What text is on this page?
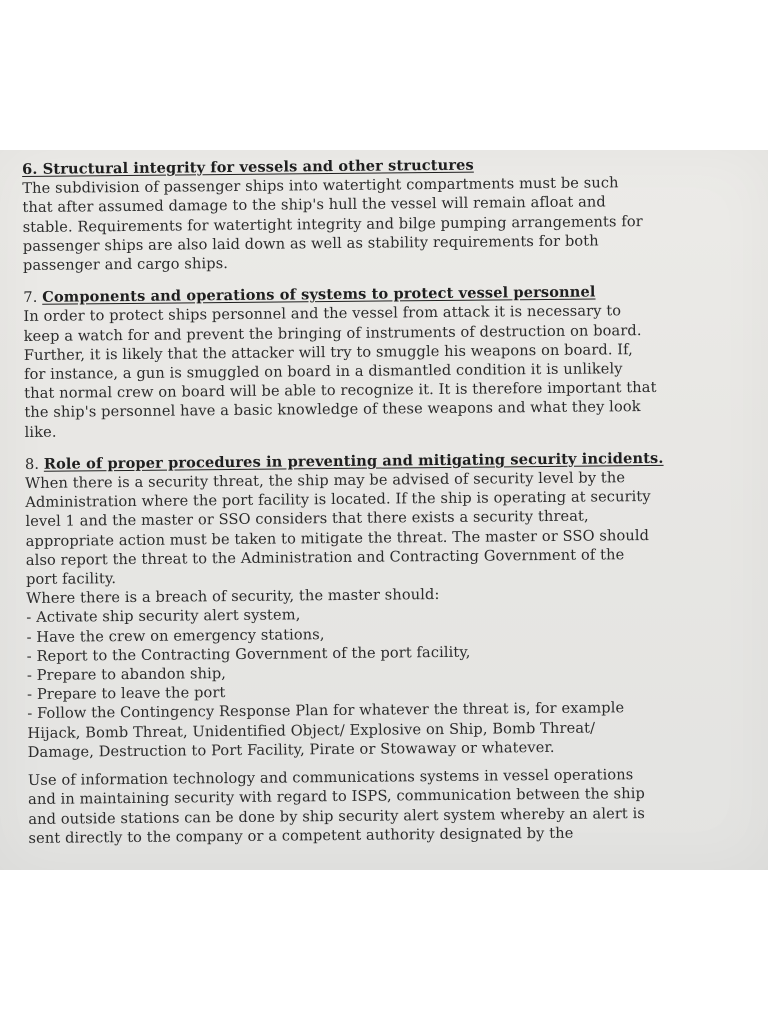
6. Structural integrity for vessels and other structures

The subdivision of passenger ships into watertight compartments must be such
that after assumed damage to the ship's hull the vessel will remain afloat and
stable. Requirements for watertight integrity and bilge pumping arrangements for
passenger ships are also laid down as well as stability requirements for both
passenger and cargo ships.

7. Components and operations of systems to protect vessel personnel

In order to protect ships personnel and the vessel from attack it is necessary to
keep a watch for and prevent the bringing of instruments of destruction on board.
Further, it is likely that the attacker will try to smuggle his weapons on board. If,
for instance, a gun is smuggled on board in a dismantled condition it is unlikely
that normal crew on board will be able to recognize it. It is therefore important that
the ship's personnel have a basic knowledge of these weapons and what they look
like.

8. Role of proper procedures in preventing and mitigating security incidents.

When there is a security threat, the ship may be advised of security level by the
Administration where the port facility is located. If the ship is operating at security
level 1 and the master or SSO considers that there exists a security threat,
appropriate action must be taken to mitigate the threat. The master or SSO should
also report the threat to the Administration and Contracting Government of the
port facility.

Where there is a breach of security, the master should:

- Activate ship security alert system,
- Have the crew on emergency stations,
- Report to the Contracting Government of the port facility,
- Prepare to abandon ship,
- Prepare to leave the port
- Follow the Contingency Response Plan for whatever the threat is, for example
Hijack, Bomb Threat, Unidentified Object/ Explosive on Ship, Bomb Threat/
Damage, Destruction to Port Facility, Pirate or Stowaway or whatever.

Use of information technology and communications systems in vessel operations
and in maintaining security with regard to ISPS, communication between the ship
and outside stations can be done by ship security alert system whereby an alert is
sent directly to the company or a competent authority designated by the
